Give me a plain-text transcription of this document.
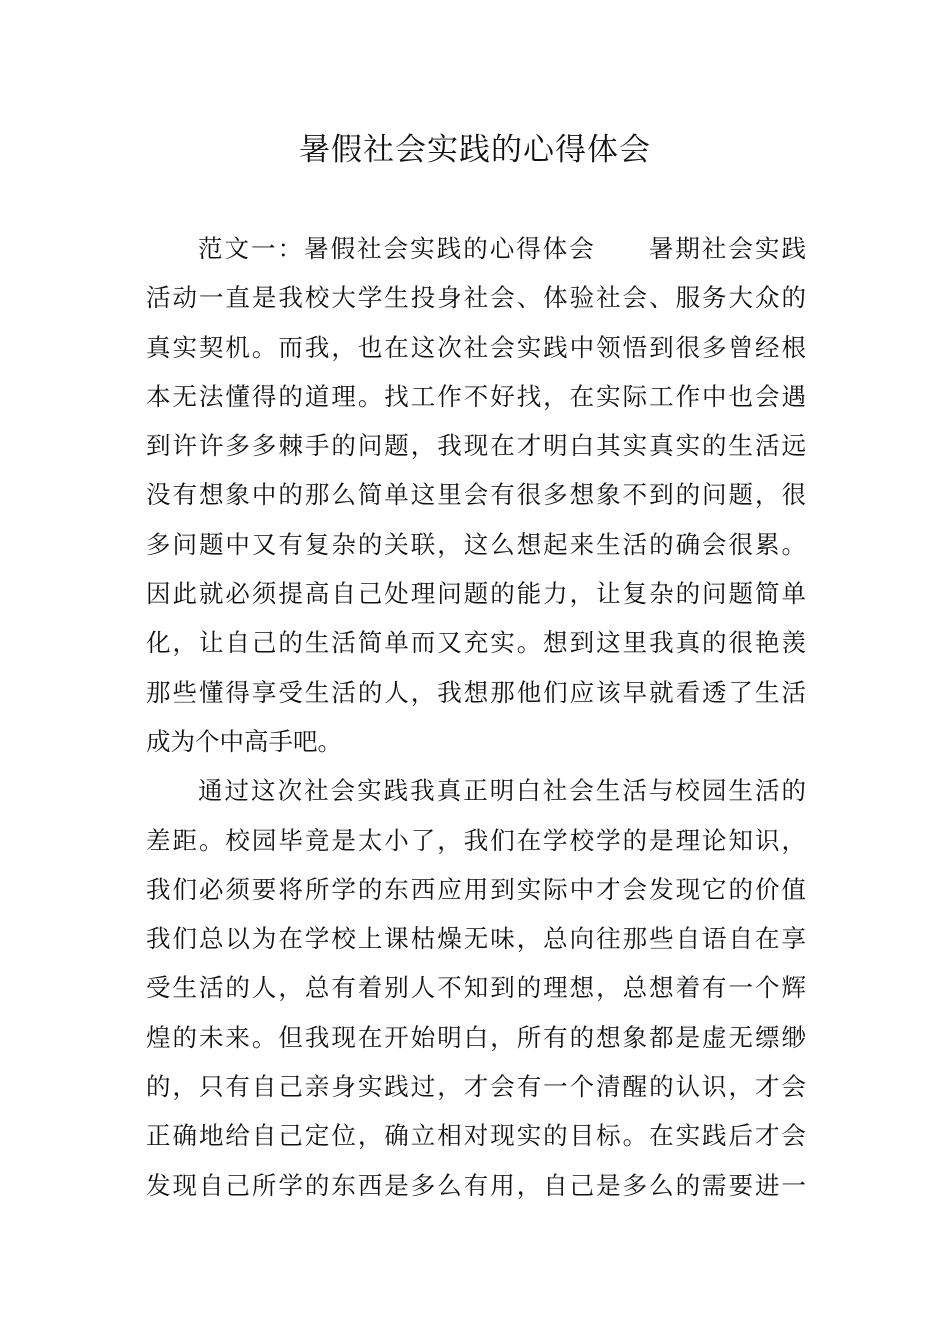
暑假社会实践的心得体会
范文一：暑假社会实践的心得体会　　暑期社会实践
活动一直是我校大学生投身社会、体验社会、服务大众的
真实契机。而我，也在这次社会实践中领悟到很多曾经根
本无法懂得的道理。找工作不好找，在实际工作中也会遇
到许许多多棘手的问题，我现在才明白其实真实的生活远
没有想象中的那么简单这里会有很多想象不到的问题，很
多问题中又有复杂的关联，这么想起来生活的确会很累。
因此就必须提高自己处理问题的能力，让复杂的问题简单
化，让自己的生活简单而又充实。想到这里我真的很艳羡
那些懂得享受生活的人，我想那他们应该早就看透了生活
成为个中高手吧。
通过这次社会实践我真正明白社会生活与校园生活的
差距。校园毕竟是太小了，我们在学校学的是理论知识，
我们必须要将所学的东西应用到实际中才会发现它的价值
我们总以为在学校上课枯燥无味，总向往那些自语自在享
受生活的人，总有着别人不知到的理想，总想着有一个辉
煌的未来。但我现在开始明白，所有的想象都是虚无缥缈
的，只有自己亲身实践过，才会有一个清醒的认识，才会
正确地给自己定位，确立相对现实的目标。在实践后才会
发现自己所学的东西是多么有用，自己是多么的需要进一
